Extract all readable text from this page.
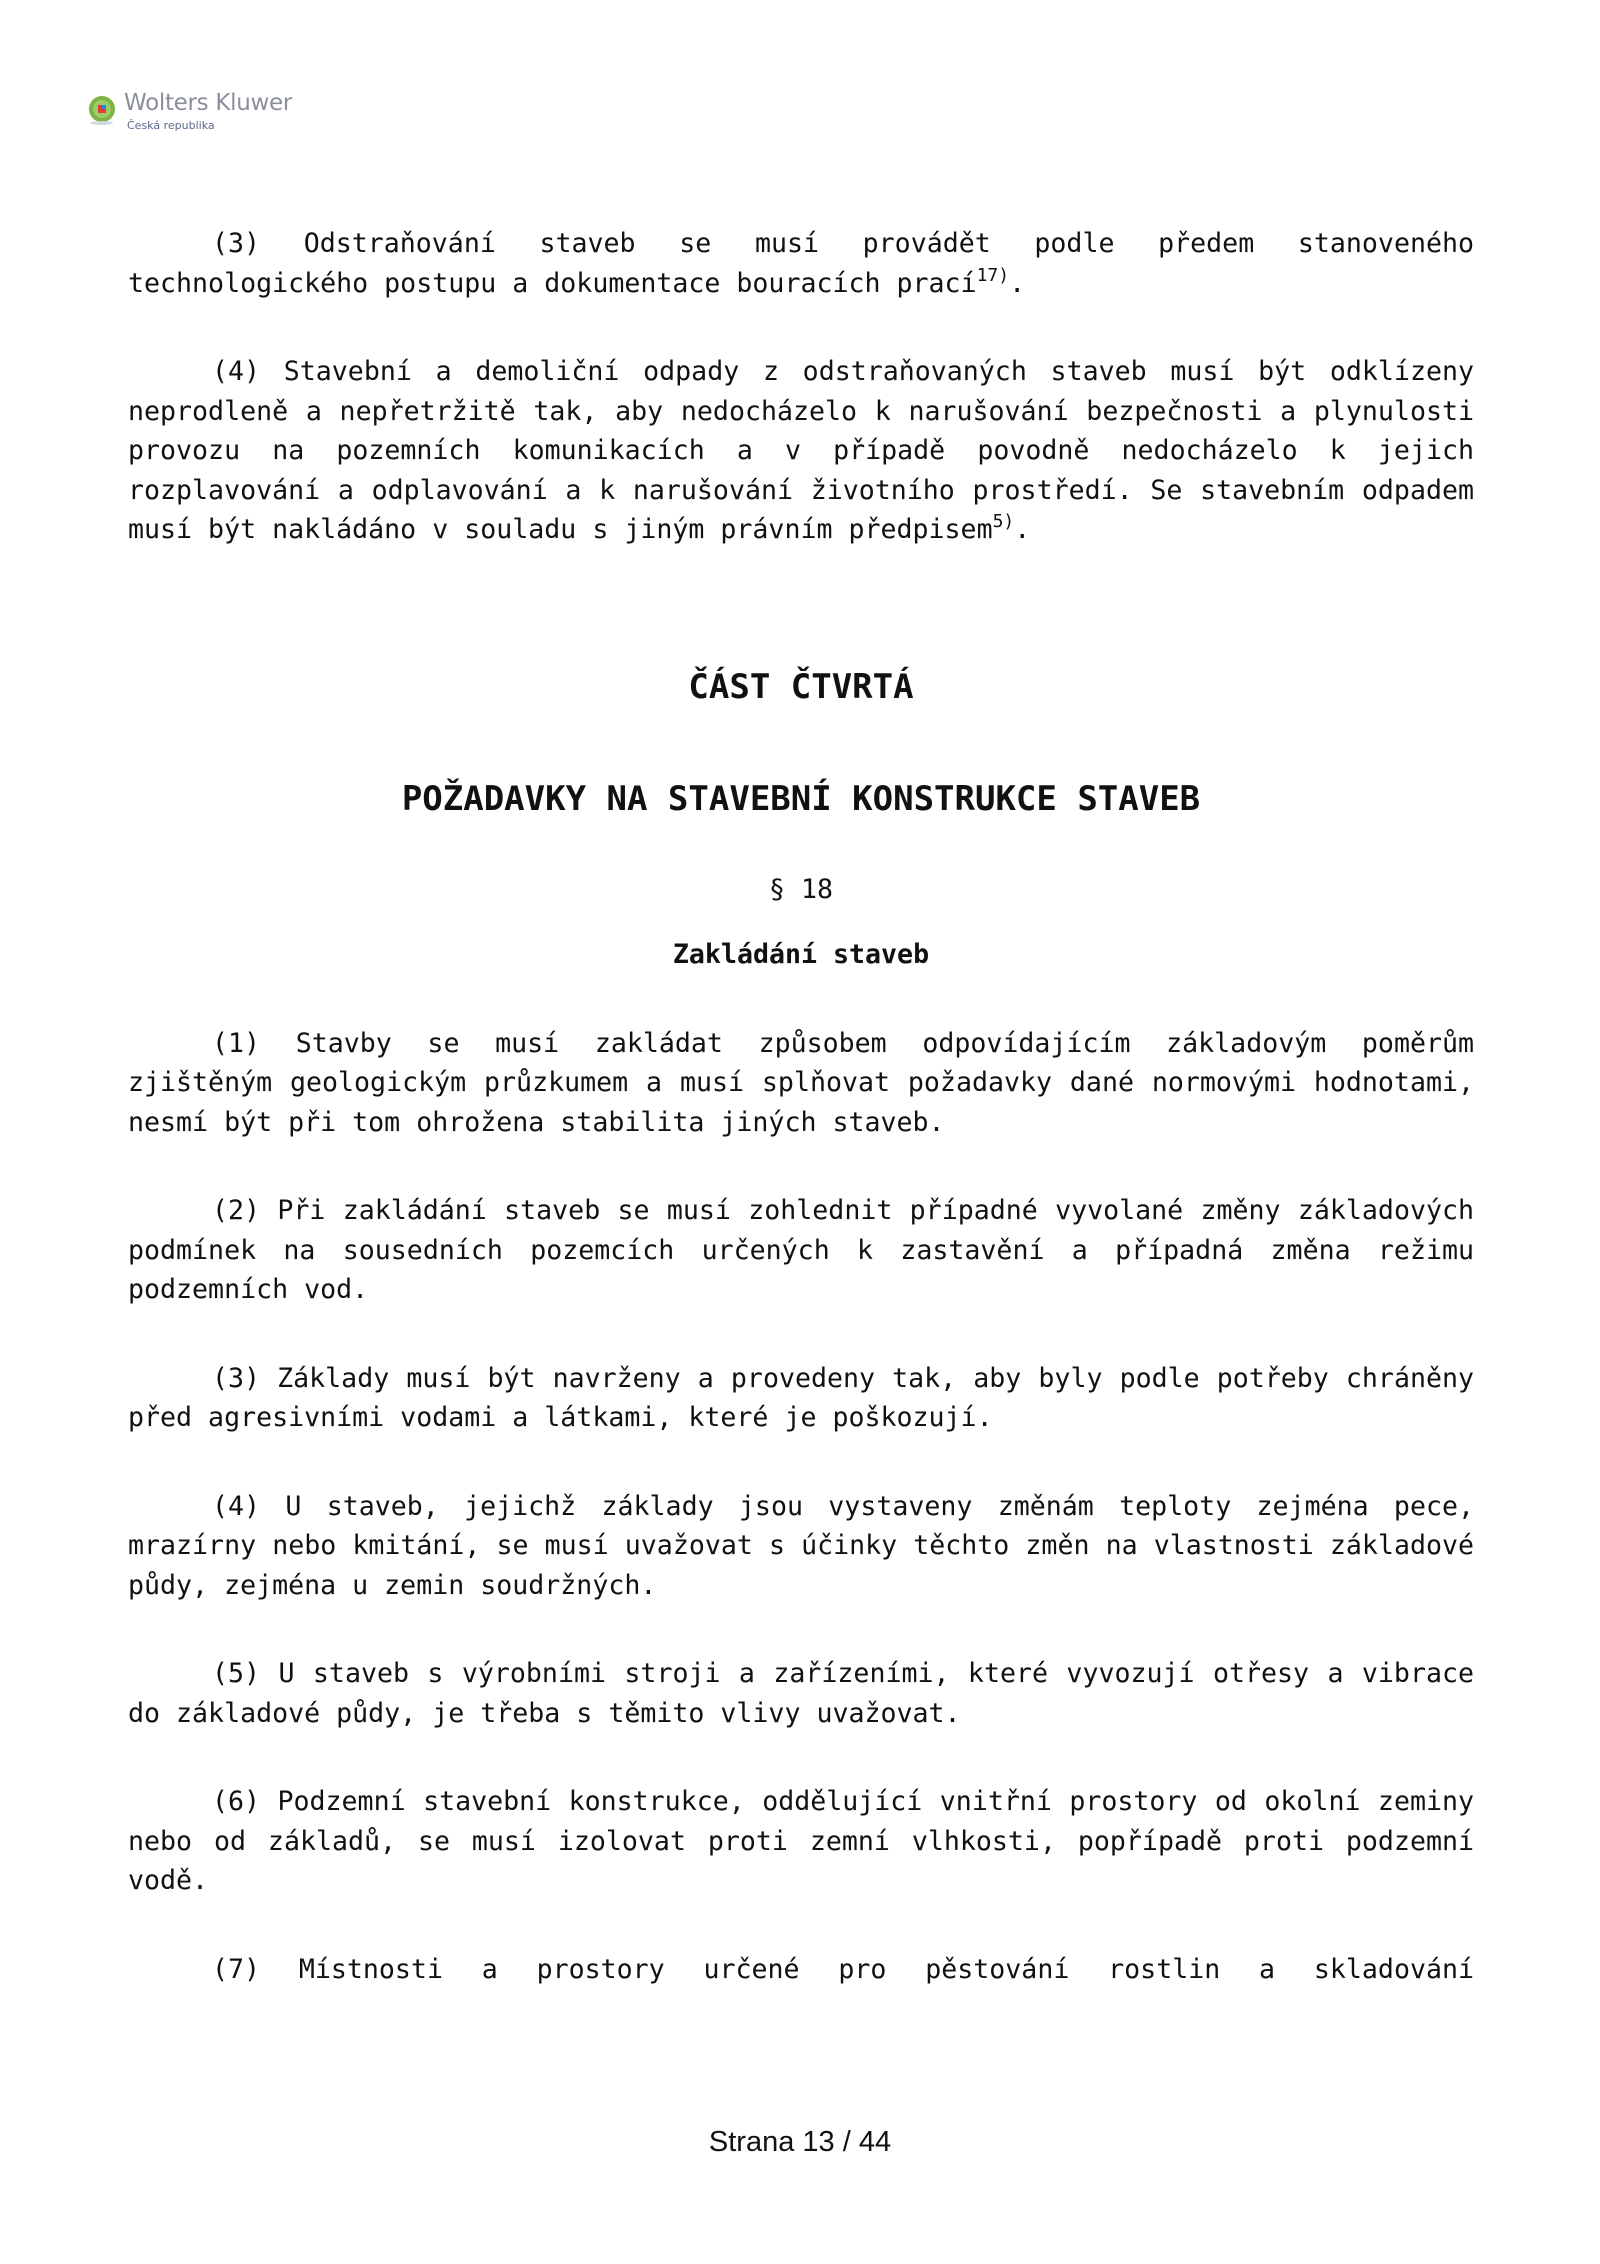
Wolters Kluwer
Česká republika

(3) Odstraňování staveb se musí provádět podle předem stanoveného technologického postupu a dokumentace bouracích prací$^{17)}$.

(4) Stavební a demoliční odpady z odstraňovaných staveb musí být odklízeny neprodleně a nepřetržitě tak, aby nedocházelo k narušování bezpečnosti a plynulosti provozu na pozemních komunikacích a v případě povodně nedocházelo k jejich rozplavování a odplavování a k narušování životního prostředí. Se stavebním odpadem musí být nakládáno v souladu s jiným právním předpisem$^{5)}$.

ČÁST ČTVRTÁ
POŽADAVKY NA STAVEBNÍ KONSTRUKCE STAVEB
§ 18
Zakládání staveb

(1) Stavby se musí zakládat způsobem odpovídajícím základovým poměrům zjištěným geologickým průzkumem a musí splňovat požadavky dané normovými hodnotami, nesmí být při tom ohrožena stabilita jiných staveb.

(2) Při zakládání staveb se musí zohlednit případné vyvolané změny základových podmínek na sousedních pozemcích určených k zastavění a případná změna režimu podzemních vod.

(3) Základy musí být navrženy a provedeny tak, aby byly podle potřeby chráněny před agresivními vodami a látkami, které je poškozují.

(4) U staveb, jejichž základy jsou vystaveny změnám teploty zejména pece, mrazírny nebo kmitání, se musí uvažovat s účinky těchto změn na vlastnosti základové půdy, zejména u zemin soudržných.

(5) U staveb s výrobními stroji a zařízeními, které vyvozují otřesy a vibrace do základové půdy, je třeba s těmito vlivy uvažovat.

(6) Podzemní stavební konstrukce, oddělující vnitřní prostory od okolní zeminy nebo od základů, se musí izolovat proti zemní vlhkosti, popřípadě proti podzemní vodě.

(7) Místnosti a prostory určené pro pěstování rostlin a skladování

Strana 13 / 44
